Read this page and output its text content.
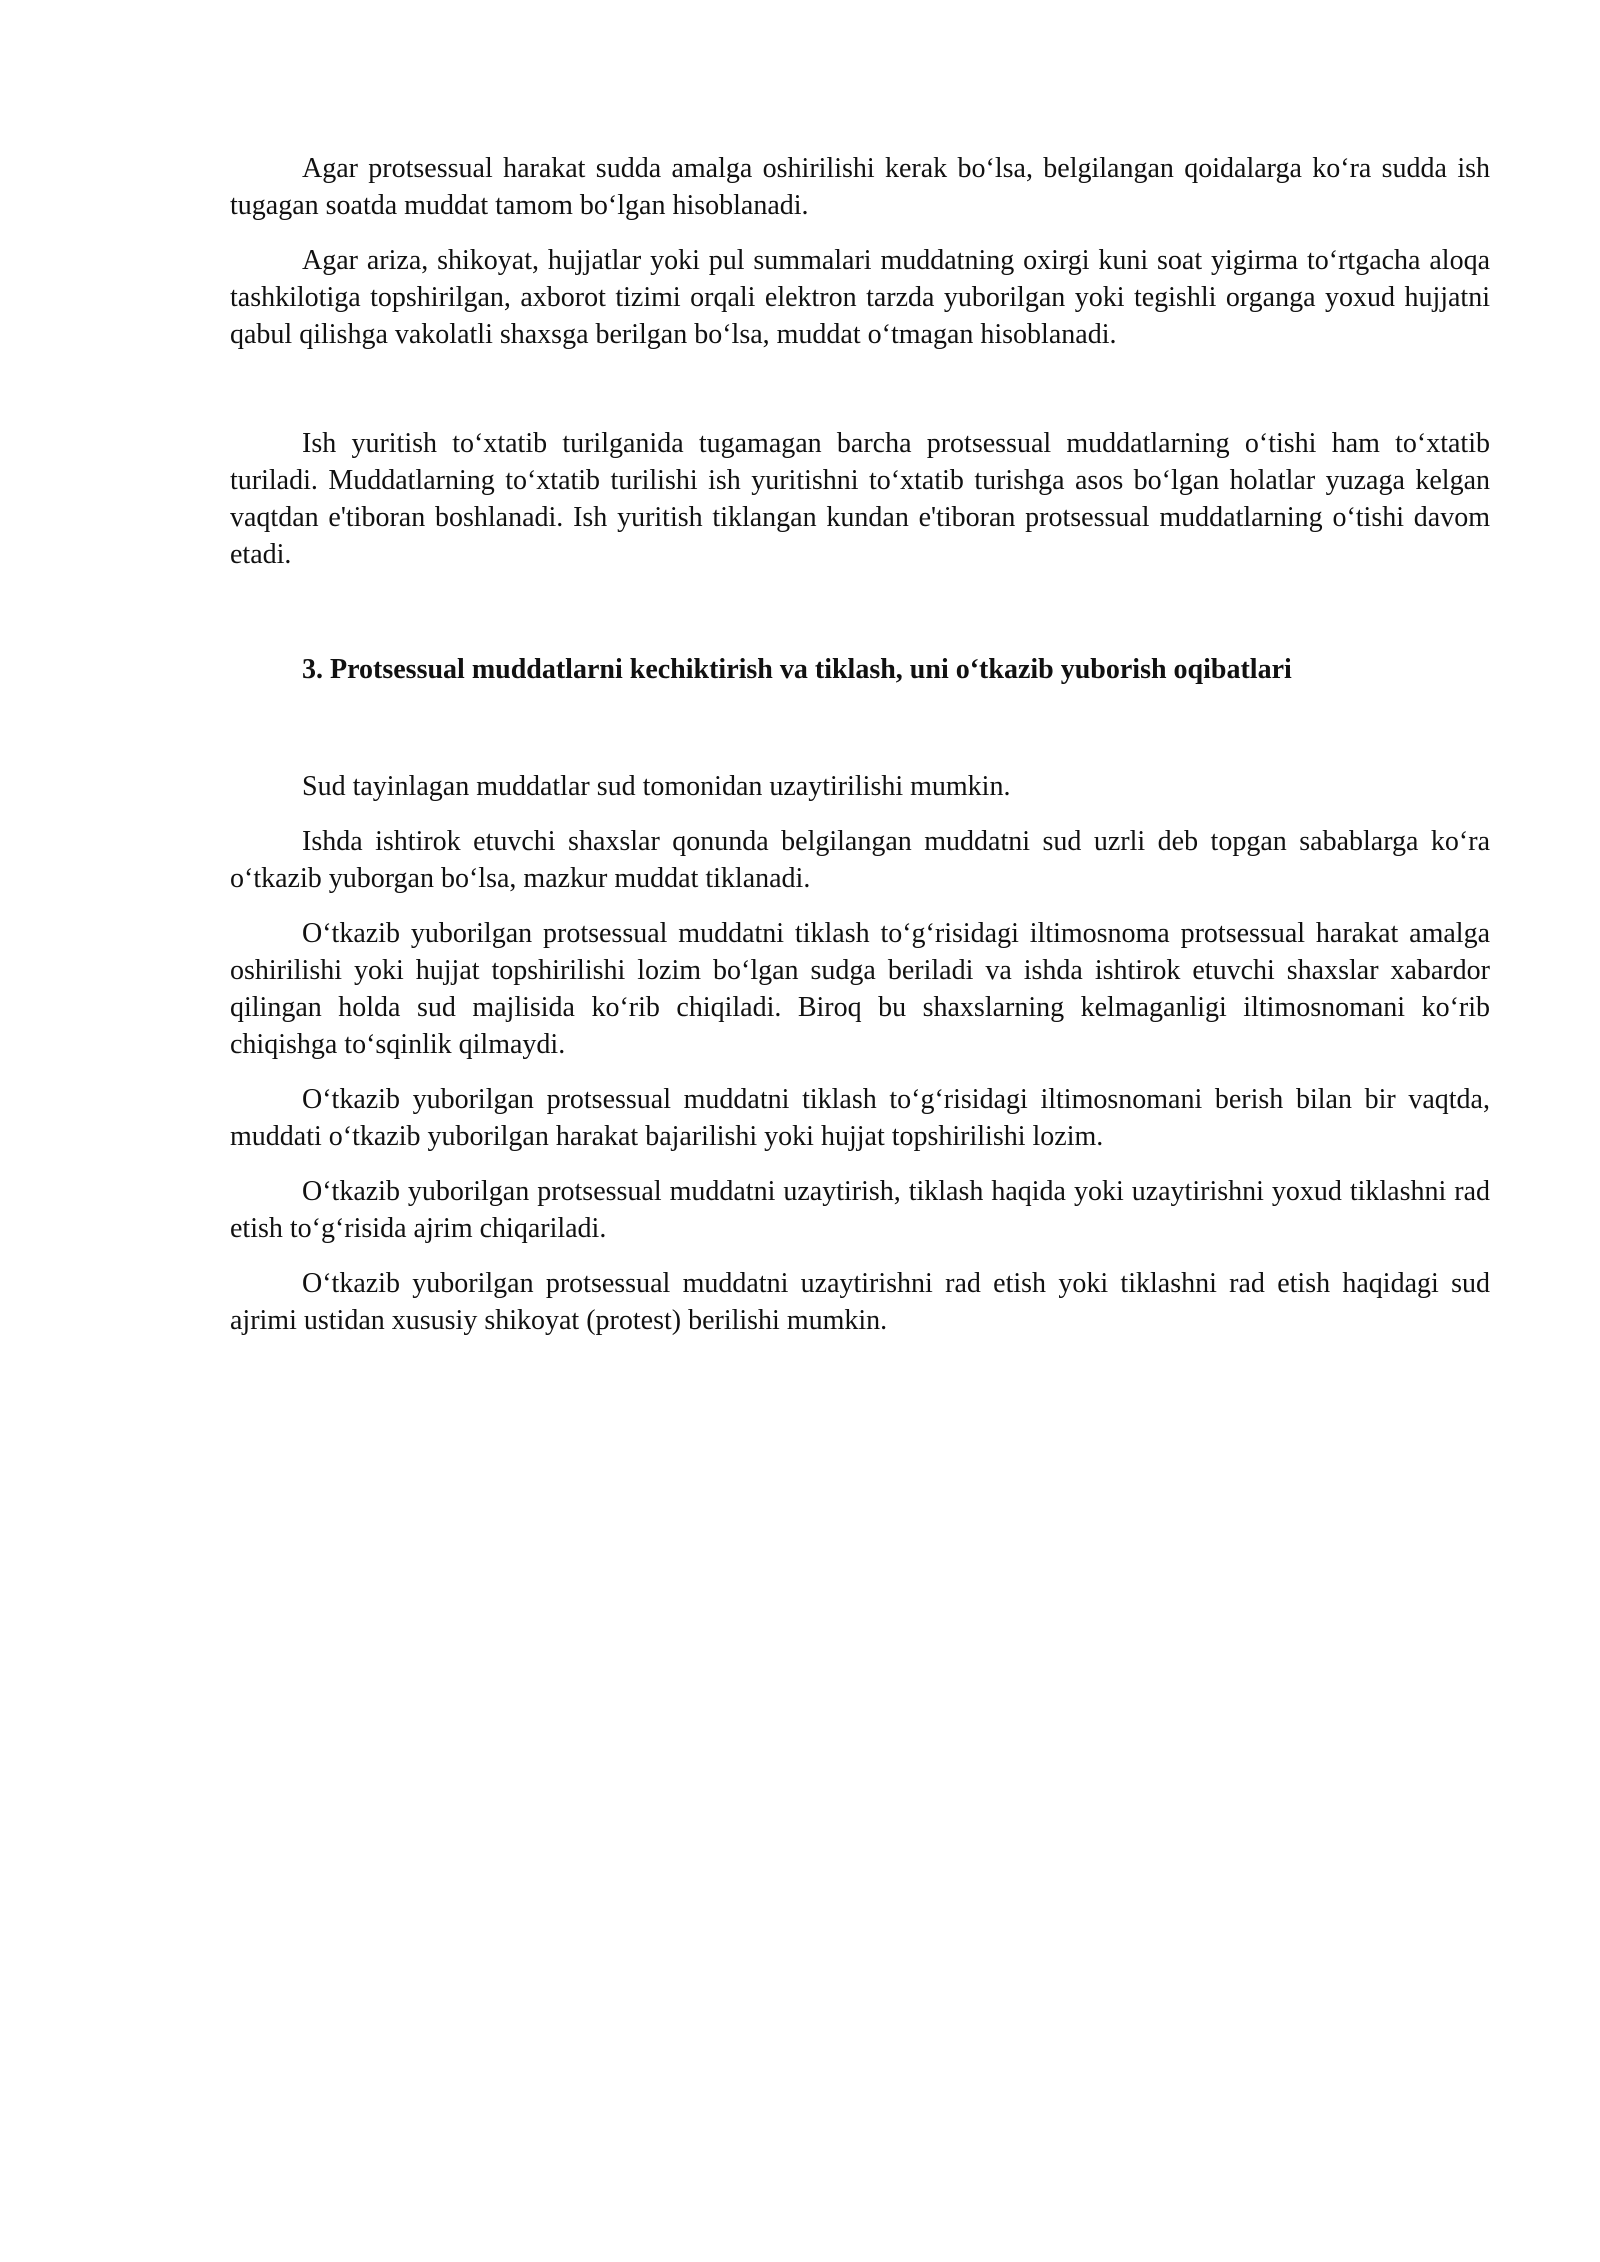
Agar protsessual harakat sudda amalga oshirilishi kerak bo‘lsa, belgilangan qoidalarga ko‘ra sudda ish tugagan soatda muddat tamom bo‘lgan hisoblanadi.

Agar ariza, shikoyat, hujjatlar yoki pul summalari muddatning oxirgi kuni soat yigirma to‘rtgacha aloqa tashkilotiga topshirilgan, axborot tizimi orqali elektron tarzda yuborilgan yoki tegishli organga yoxud hujjatni qabul qilishga vakolatli shaxsga berilgan bo‘lsa, muddat o‘tmagan hisoblanadi.

Ish yuritish to‘xtatib turilganida tugamagan barcha protsessual muddatlarning o‘tishi ham to‘xtatib turiladi. Muddatlarning to‘xtatib turilishi ish yuritishni to‘xtatib turishga asos bo‘lgan holatlar yuzaga kelgan vaqtdan e'tiboran boshlanadi. Ish yuritish tiklangan kundan e'tiboran protsessual muddatlarning o‘tishi davom etadi.

3. Protsessual muddatlarni kechiktirish va tiklash, uni o‘tkazib yuborish oqibatlari

Sud tayinlagan muddatlar sud tomonidan uzaytirilishi mumkin.

Ishda ishtirok etuvchi shaxslar qonunda belgilangan muddatni sud uzrli deb topgan sabablarga ko‘ra o‘tkazib yuborgan bo‘lsa, mazkur muddat tiklanadi.

O‘tkazib yuborilgan protsessual muddatni tiklash to‘g‘risidagi iltimosnoma protsessual harakat amalga oshirilishi yoki hujjat topshirilishi lozim bo‘lgan sudga beriladi va ishda ishtirok etuvchi shaxslar xabardor qilingan holda sud majlisida ko‘rib chiqiladi. Biroq bu shaxslarning kelmaganligi iltimosnomani ko‘rib chiqishga to‘sqinlik qilmaydi.

O‘tkazib yuborilgan protsessual muddatni tiklash to‘g‘risidagi iltimosnomani berish bilan bir vaqtda, muddati o‘tkazib yuborilgan harakat bajarilishi yoki hujjat topshirilishi lozim.

O‘tkazib yuborilgan protsessual muddatni uzaytirish, tiklash haqida yoki uzaytirishni yoxud tiklashni rad etish to‘g‘risida ajrim chiqariladi.

O‘tkazib yuborilgan protsessual muddatni uzaytirishni rad etish yoki tiklashni rad etish haqidagi sud ajrimi ustidan xususiy shikoyat (protest) berilishi mumkin.
